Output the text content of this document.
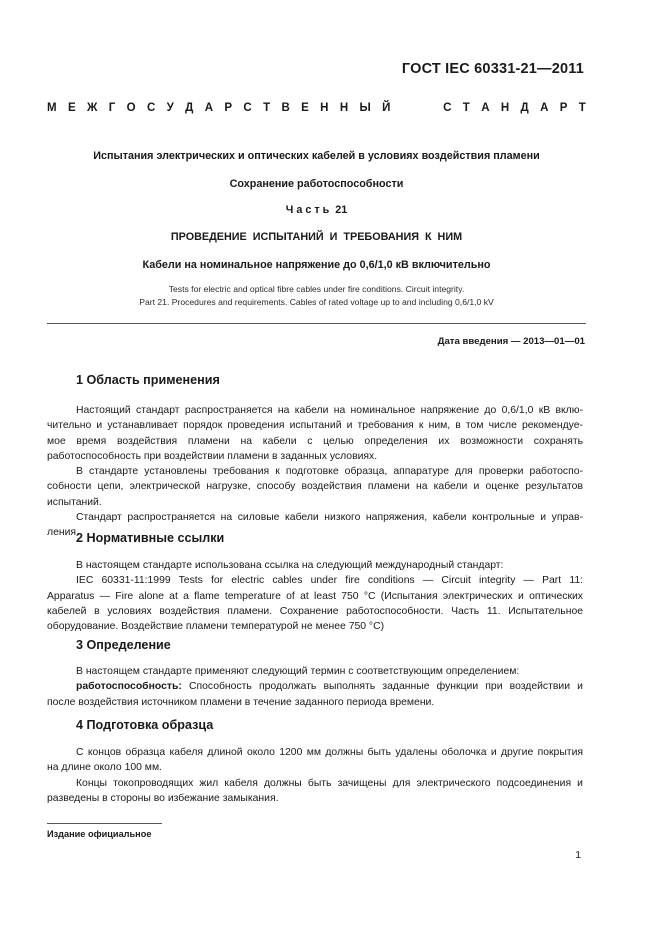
ГОСТ IEC 60331-21—2011
М Е Ж Г О С У Д А Р С Т В Е Н Н Ы Й	С Т А Н Д А Р Т
Испытания электрических и оптических кабелей в условиях воздействия пламени
Сохранение работоспособности
Ч а с т ь  21
ПРОВЕДЕНИЕ  ИСПЫТАНИЙ  И  ТРЕБОВАНИЯ  К  НИМ
Кабели на номинальное напряжение до 0,6/1,0 кВ включительно
Tests for electric and optical fibre cables under fire conditions. Circuit integrity.
Part 21. Procedures and requirements. Cables of rated voltage up to and including 0,6/1,0 kV
Дата введения — 2013—01—01
1 Область применения
Настоящий стандарт распространяется на кабели на номинальное напряжение до 0,6/1,0 кВ вклю-
чительно и устанавливает порядок проведения испытаний и требования к ним, в том числе рекомендуе-
мое время воздействия пламени на кабели с целью определения их возможности сохранять
работоспособность при воздействии пламени в заданных условиях.
В стандарте установлены требования к подготовке образца, аппаратуре для проверки работоспо-
собности цепи, электрической нагрузке, способу воздействия пламени на кабели и оценке результатов
испытаний.
Стандарт распространяется на силовые кабели низкого напряжения, кабели контрольные и управ-
ления.
2 Нормативные ссылки
В настоящем стандарте использована ссылка на следующий международный стандарт:
IEC 60331-11:1999 Tests for electric cables under fire conditions — Circuit integrity — Part 11:
Apparatus — Fire alone at a flame temperature of at least 750 °C (Испытания электрических и оптических
кабелей в условиях воздействия пламени. Сохранение работоспособности. Часть 11. Испытательное
оборудование. Воздействие пламени температурой не менее 750 °С)
3 Определение
В настоящем стандарте применяют следующий термин с соответствующим определением:
работоспособность: Способность продолжать выполнять заданные функции при воздействии и
после воздействия источником пламени в течение заданного периода времени.
4 Подготовка образца
С концов образца кабеля длиной около 1200 мм должны быть удалены оболочка и другие покрытия
на длине около 100 мм.
Концы токопроводящих жил кабеля должны быть зачищены для электрического подсоединения и
разведены в стороны во избежание замыкания.
Издание официальное
1
